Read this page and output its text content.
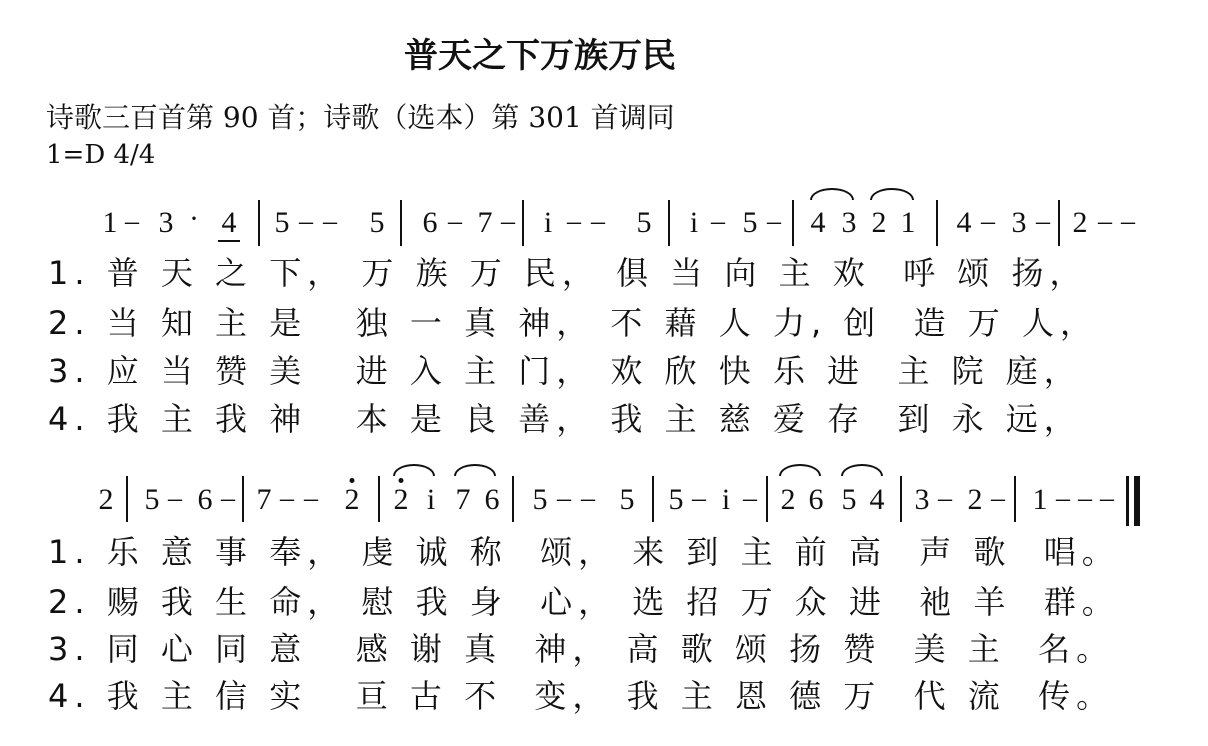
普天之下万族万民
诗歌三百首第 90 首；诗歌（选本）第 301 首调同
1=D 4/4
1 – 3 · 4 5 – – 5 6 – 7 – i – – 5 i – 5 – 4 3 2 1 4 – 3 – 2 – –
1. 普 天 之 下， 万 族 万 民， 俱 当 向 主 欢  呼 颂 扬，
2. 当 知 主 是   独 一 真 神， 不 藉 人 力, 创  造 万 人，
3. 应 当 赞 美   进 入 主 门， 欢 欣 快 乐 进  主 院 庭，
4. 我 主 我 神   本 是 良 善， 我 主 慈 爱 存  到 永 远，
2 5 – 6 – 7 – – 2 2 i 7 6 5 – – 5 5 – i – 2 6 5 4 3 – 2 – 1 – – –
1. 乐 意 事 奉， 虔 诚 称  颂， 来 到 主 前 高  声 歌  唱。
2. 赐 我 生 命， 慰 我 身  心， 选 招 万 众 进  祂 羊  群。
3. 同 心 同 意   感 谢 真  神， 高 歌 颂 扬 赞  美 主  名。
4. 我 主 信 实   亘 古 不  变， 我 主 恩 德 万  代 流  传。
